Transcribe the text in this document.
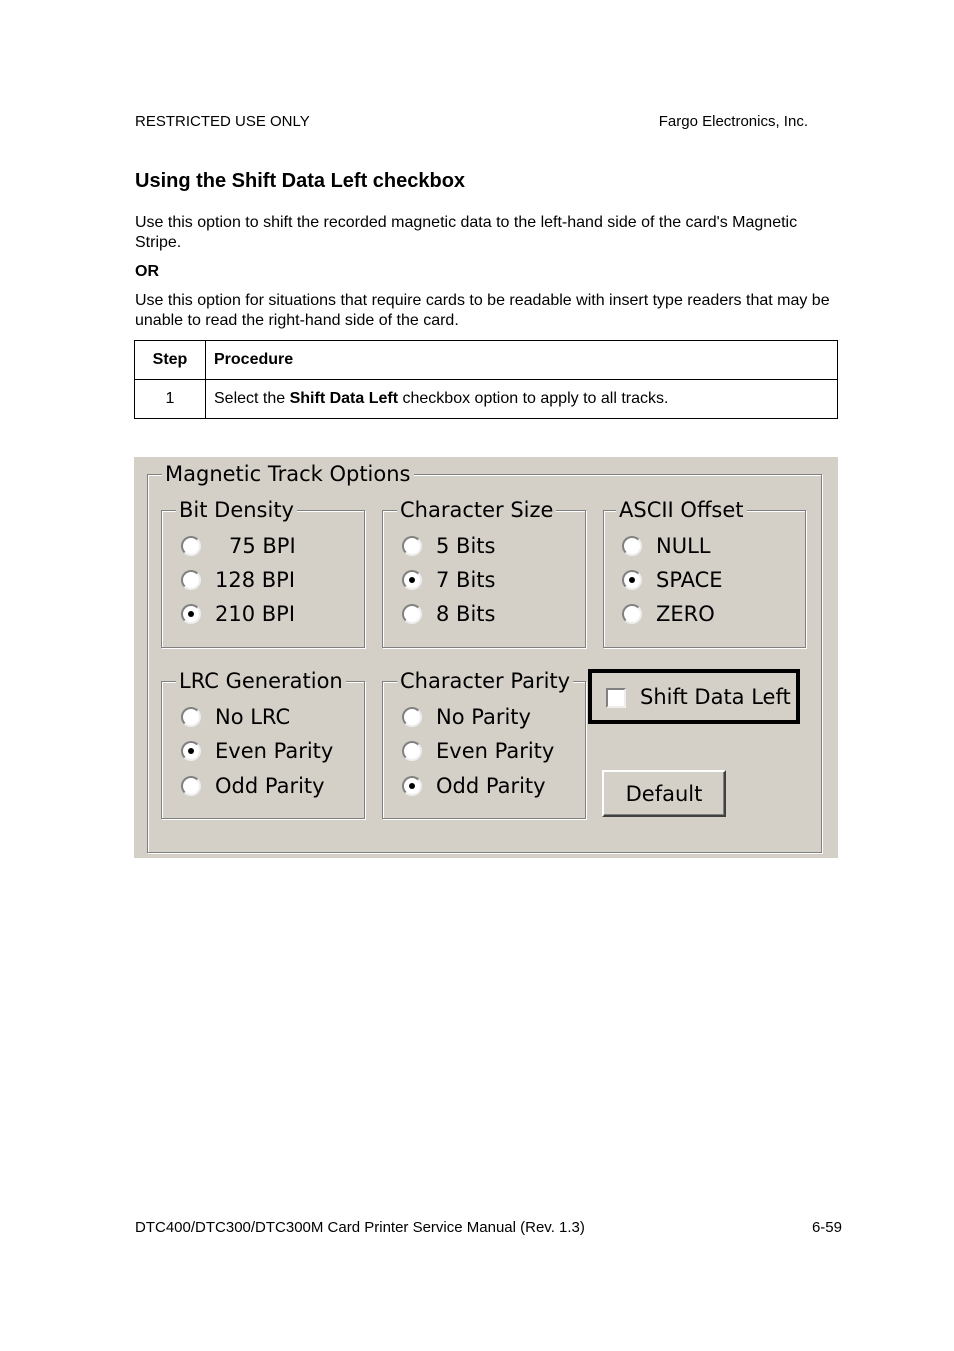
RESTRICTED USE ONLY	Fargo Electronics, Inc.
Using the Shift Data Left checkbox

Use this option to shift the recorded magnetic data to the left-hand side of the card's Magnetic Stripe.

OR

Use this option for situations that require cards to be readable with insert type readers that may be unable to read the right-hand side of the card.

Step	Procedure
1	Select the Shift Data Left checkbox option to apply to all tracks.
Magnetic Track Options
Bit Density
75 BPI
128 BPI
210 BPI
Character Size
5 Bits
7 Bits
8 Bits
ASCII Offset
NULL
SPACE
ZERO
LRC Generation
No LRC
Even Parity
Odd Parity
Character Parity
No Parity
Even Parity
Odd Parity
Shift Data Left
Default
DTC400/DTC300/DTC300M Card Printer Service Manual (Rev. 1.3)	6-59
